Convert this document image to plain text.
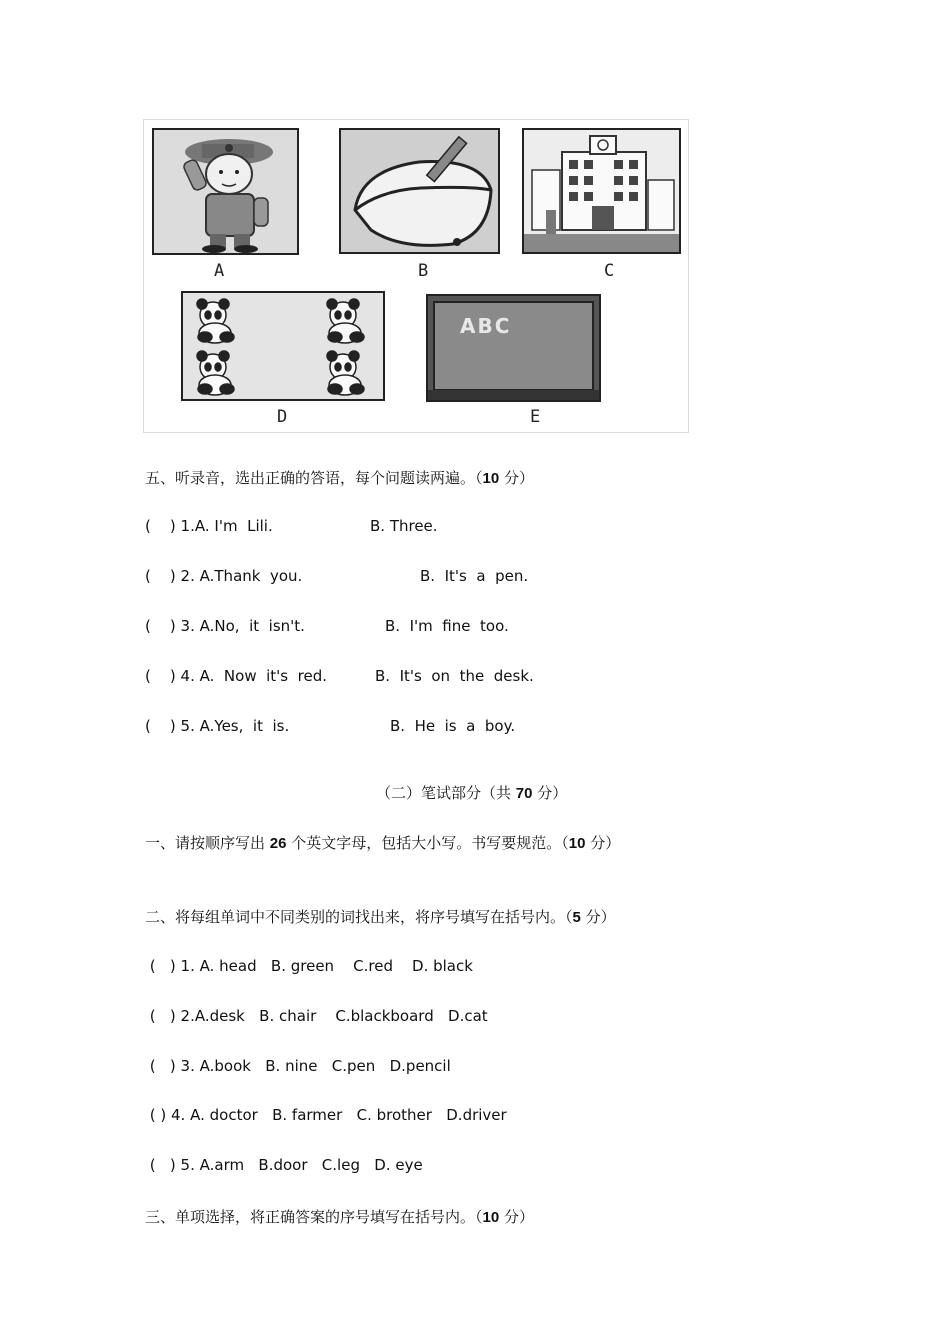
A	B	C
D
ABC
E
五、听录音，选出正确的答语，每个问题读两遍。（10 分）
(    ) 1.A. I'm  Lili.	B. Three.
(    ) 2. A.Thank  you.	B.  It's  a  pen.
(    ) 3. A.No,  it  isn't.	B.  I'm  fine  too.
(    ) 4. A.  Now  it's  red.	B.  It's  on  the  desk.
(    ) 5. A.Yes,  it  is.	B.  He  is  a  boy.
（二）笔试部分（共 70 分）
一、请按顺序写出 26 个英文字母，包括大小写。书写要规范。（10 分）
二、将每组单词中不同类别的词找出来，将序号填写在括号内。（5 分）
(   ) 1. A. head   B. green    C.red    D. black
(   ) 2.A.desk   B. chair    C.blackboard   D.cat
(   ) 3. A.book   B. nine   C.pen   D.pencil
( ) 4. A. doctor   B. farmer   C. brother   D.driver
(   ) 5. A.arm   B.door   C.leg   D. eye
三、单项选择，将正确答案的序号填写在括号内。（10 分）
